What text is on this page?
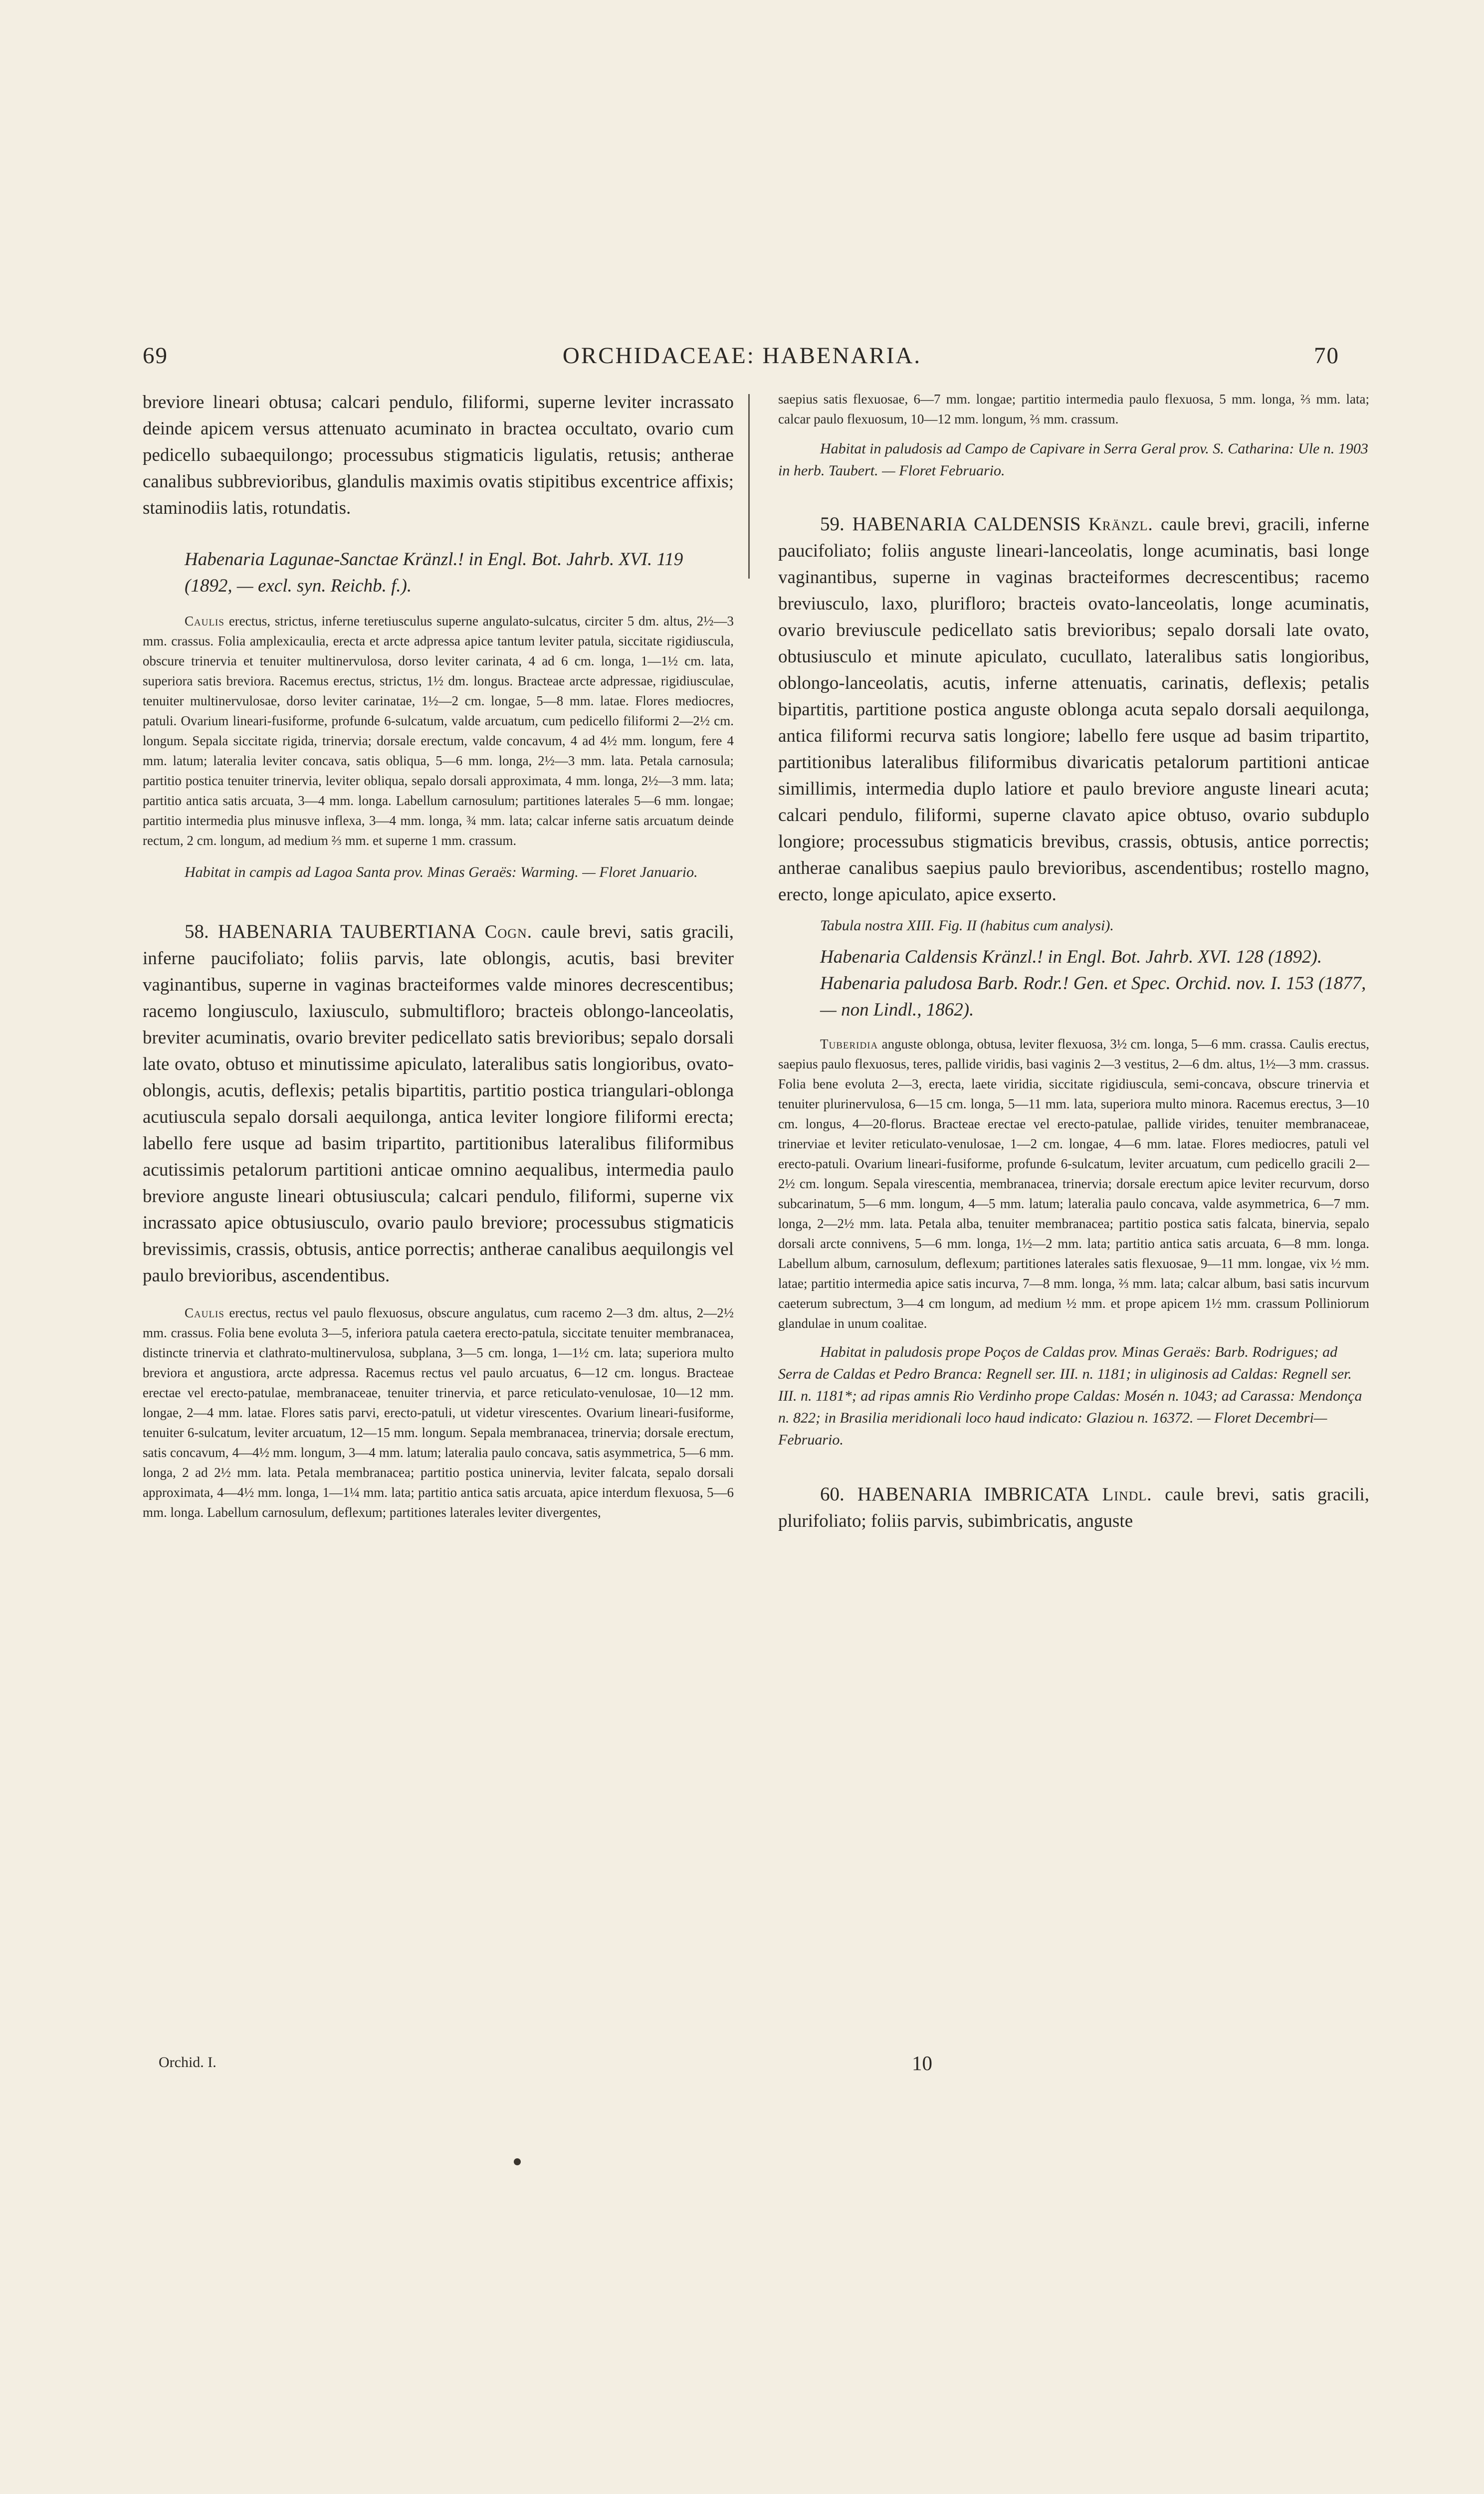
69	ORCHIDACEAE: HABENARIA.	70

breviore lineari obtusa; calcari pendulo, filiformi, superne leviter incrassato deinde apicem versus attenuato acuminato in bractea occultato, ovario cum pedicello subaequilongo; processubus stigmaticis ligulatis, retusis; antherae canalibus subbrevioribus, glandulis maximis ovatis stipitibus excentrice affixis; staminodiis latis, rotundatis.

Habenaria Lagunae-Sanctae Kränzl.! in Engl. Bot. Jahrb. XVI. 119 (1892, — excl. syn. Reichb. f.).

Caulis erectus, strictus, inferne teretiusculus superne angulato-sulcatus, circiter 5 dm. altus, 2½—3 mm. crassus. Folia amplexicaulia, erecta et arcte adpressa apice tantum leviter patula, siccitate rigidiuscula, obscure trinervia et tenuiter multinervulosa, dorso leviter carinata, 4 ad 6 cm. longa, 1—1½ cm. lata, superiora satis breviora. Racemus erectus, strictus, 1½ dm. longus. Bracteae arcte adpressae, rigidiusculae, tenuiter multinervulosae, dorso leviter carinatae, 1½—2 cm. longae, 5—8 mm. latae. Flores mediocres, patuli. Ovarium lineari-fusiforme, profunde 6-sulcatum, valde arcuatum, cum pedicello filiformi 2—2½ cm. longum. Sepala siccitate rigida, trinervia; dorsale erectum, valde concavum, 4 ad 4½ mm. longum, fere 4 mm. latum; lateralia leviter concava, satis obliqua, 5—6 mm. longa, 2½—3 mm. lata. Petala carnosula; partitio postica tenuiter trinervia, leviter obliqua, sepalo dorsali approximata, 4 mm. longa, 2½—3 mm. lata; partitio antica satis arcuata, 3—4 mm. longa. Labellum carnosulum; partitiones laterales 5—6 mm. longae; partitio intermedia plus minusve inflexa, 3—4 mm. longa, ¾ mm. lata; calcar inferne satis arcuatum deinde rectum, 2 cm. longum, ad medium ⅔ mm. et superne 1 mm. crassum.

Habitat in campis ad Lagoa Santa prov. Minas Geraës: Warming. — Floret Januario.

58. HABENARIA TAUBERTIANA Cogn. caule brevi, satis gracili, inferne paucifoliato; foliis parvis, late oblongis, acutis, basi breviter vaginantibus, superne in vaginas bracteiformes valde minores decrescentibus; racemo longiusculo, laxiusculo, submultifloro; bracteis oblongo-lanceolatis, breviter acuminatis, ovario breviter pedicellato satis brevioribus; sepalo dorsali late ovato, obtuso et minutissime apiculato, lateralibus satis longioribus, ovato-oblongis, acutis, deflexis; petalis bipartitis, partitio postica triangulari-oblonga acutiuscula sepalo dorsali aequilonga, antica leviter longiore filiformi erecta; labello fere usque ad basim tripartito, partitionibus lateralibus filiformibus acutissimis petalorum partitioni anticae omnino aequalibus, intermedia paulo breviore anguste lineari obtusiuscula; calcari pendulo, filiformi, superne vix incrassato apice obtusiusculo, ovario paulo breviore; processubus stigmaticis brevissimis, crassis, obtusis, antice porrectis; antherae canalibus aequilongis vel paulo brevioribus, ascendentibus.

Caulis erectus, rectus vel paulo flexuosus, obscure angulatus, cum racemo 2—3 dm. altus, 2—2½ mm. crassus. Folia bene evoluta 3—5, inferiora patula caetera erecto-patula, siccitate tenuiter membranacea, distincte trinervia et clathrato-multinervulosa, subplana, 3—5 cm. longa, 1—1½ cm. lata; superiora multo breviora et angustiora, arcte adpressa. Racemus rectus vel paulo arcuatus, 6—12 cm. longus. Bracteae erectae vel erecto-patulae, membranaceae, tenuiter trinervia, et parce reticulato-venulosae, 10—12 mm. longae, 2—4 mm. latae. Flores satis parvi, erecto-patuli, ut videtur virescentes. Ovarium lineari-fusiforme, tenuiter 6-sulcatum, leviter arcuatum, 12—15 mm. longum. Sepala membranacea, trinervia; dorsale erectum, satis concavum, 4—4½ mm. longum, 3—4 mm. latum; lateralia paulo concava, satis asymmetrica, 5—6 mm. longa, 2 ad 2½ mm. lata. Petala membranacea; partitio postica uninervia, leviter falcata, sepalo dorsali approximata, 4—4½ mm. longa, 1—1¼ mm. lata; partitio antica satis arcuata, apice interdum flexuosa, 5—6 mm. longa. Labellum carnosulum, deflexum; partitiones laterales leviter divergentes,

Orchid. I.

saepius satis flexuosae, 6—7 mm. longae; partitio intermedia paulo flexuosa, 5 mm. longa, ⅔ mm. lata; calcar paulo flexuosum, 10—12 mm. longum, ⅔ mm. crassum.

Habitat in paludosis ad Campo de Capivare in Serra Geral prov. S. Catharina: Ule n. 1903 in herb. Taubert. — Floret Februario.

59. HABENARIA CALDENSIS Kränzl. caule brevi, gracili, inferne paucifoliato; foliis anguste lineari-lanceolatis, longe acuminatis, basi longe vaginantibus, superne in vaginas bracteiformes decrescentibus; racemo breviusculo, laxo, plurifloro; bracteis ovato-lanceolatis, longe acuminatis, ovario breviuscule pedicellato satis brevioribus; sepalo dorsali late ovato, obtusiusculo et minute apiculato, cucullato, lateralibus satis longioribus, oblongo-lanceolatis, acutis, inferne attenuatis, carinatis, deflexis; petalis bipartitis, partitione postica anguste oblonga acuta sepalo dorsali aequilonga, antica filiformi recurva satis longiore; labello fere usque ad basim tripartito, partitionibus lateralibus filiformibus divaricatis petalorum partitioni anticae simillimis, intermedia duplo latiore et paulo breviore anguste lineari acuta; calcari pendulo, filiformi, superne clavato apice obtuso, ovario subduplo longiore; processubus stigmaticis brevibus, crassis, obtusis, antice porrectis; antherae canalibus saepius paulo brevioribus, ascendentibus; rostello magno, erecto, longe apiculato, apice exserto.

Tabula nostra XIII. Fig. II (habitus cum analysi).

Habenaria Caldensis Kränzl.! in Engl. Bot. Jahrb. XVI. 128 (1892).

Habenaria paludosa Barb. Rodr.! Gen. et Spec. Orchid. nov. I. 153 (1877, — non Lindl., 1862).

Tuberidia anguste oblonga, obtusa, leviter flexuosa, 3½ cm. longa, 5—6 mm. crassa. Caulis erectus, saepius paulo flexuosus, teres, pallide viridis, basi vaginis 2—3 vestitus, 2—6 dm. altus, 1½—3 mm. crassus. Folia bene evoluta 2—3, erecta, laete viridia, siccitate rigidiuscula, semi-concava, obscure trinervia et tenuiter plurinervulosa, 6—15 cm. longa, 5—11 mm. lata, superiora multo minora. Racemus erectus, 3—10 cm. longus, 4—20-florus. Bracteae erectae vel erecto-patulae, pallide virides, tenuiter membranaceae, trinerviae et leviter reticulato-venulosae, 1—2 cm. longae, 4—6 mm. latae. Flores mediocres, patuli vel erecto-patuli. Ovarium lineari-fusiforme, profunde 6-sulcatum, leviter arcuatum, cum pedicello gracili 2—2½ cm. longum. Sepala virescentia, membranacea, trinervia; dorsale erectum apice leviter recurvum, dorso subcarinatum, 5—6 mm. longum, 4—5 mm. latum; lateralia paulo concava, valde asymmetrica, 6—7 mm. longa, 2—2½ mm. lata. Petala alba, tenuiter membranacea; partitio postica satis falcata, binervia, sepalo dorsali arcte connivens, 5—6 mm. longa, 1½—2 mm. lata; partitio antica satis arcuata, 6—8 mm. longa. Labellum album, carnosulum, deflexum; partitiones laterales satis flexuosae, 9—11 mm. longae, vix ½ mm. latae; partitio intermedia apice satis incurva, 7—8 mm. longa, ⅔ mm. lata; calcar album, basi satis incurvum caeterum subrectum, 3—4 cm longum, ad medium ½ mm. et prope apicem 1½ mm. crassum Polliniorum glandulae in unum coalitae.

Habitat in paludosis prope Poços de Caldas prov. Minas Geraës: Barb. Rodrigues; ad Serra de Caldas et Pedro Branca: Regnell ser. III. n. 1181; in uliginosis ad Caldas: Regnell ser. III. n. 1181*; ad ripas amnis Rio Verdinho prope Caldas: Mosén n. 1043; ad Carassa: Mendonça n. 822; in Brasilia meridionali loco haud indicato: Glaziou n. 16372. — Floret Decembri—Februario.

60. HABENARIA IMBRICATA Lindl. caule brevi, satis gracili, plurifoliato; foliis parvis, subimbricatis, anguste

10
